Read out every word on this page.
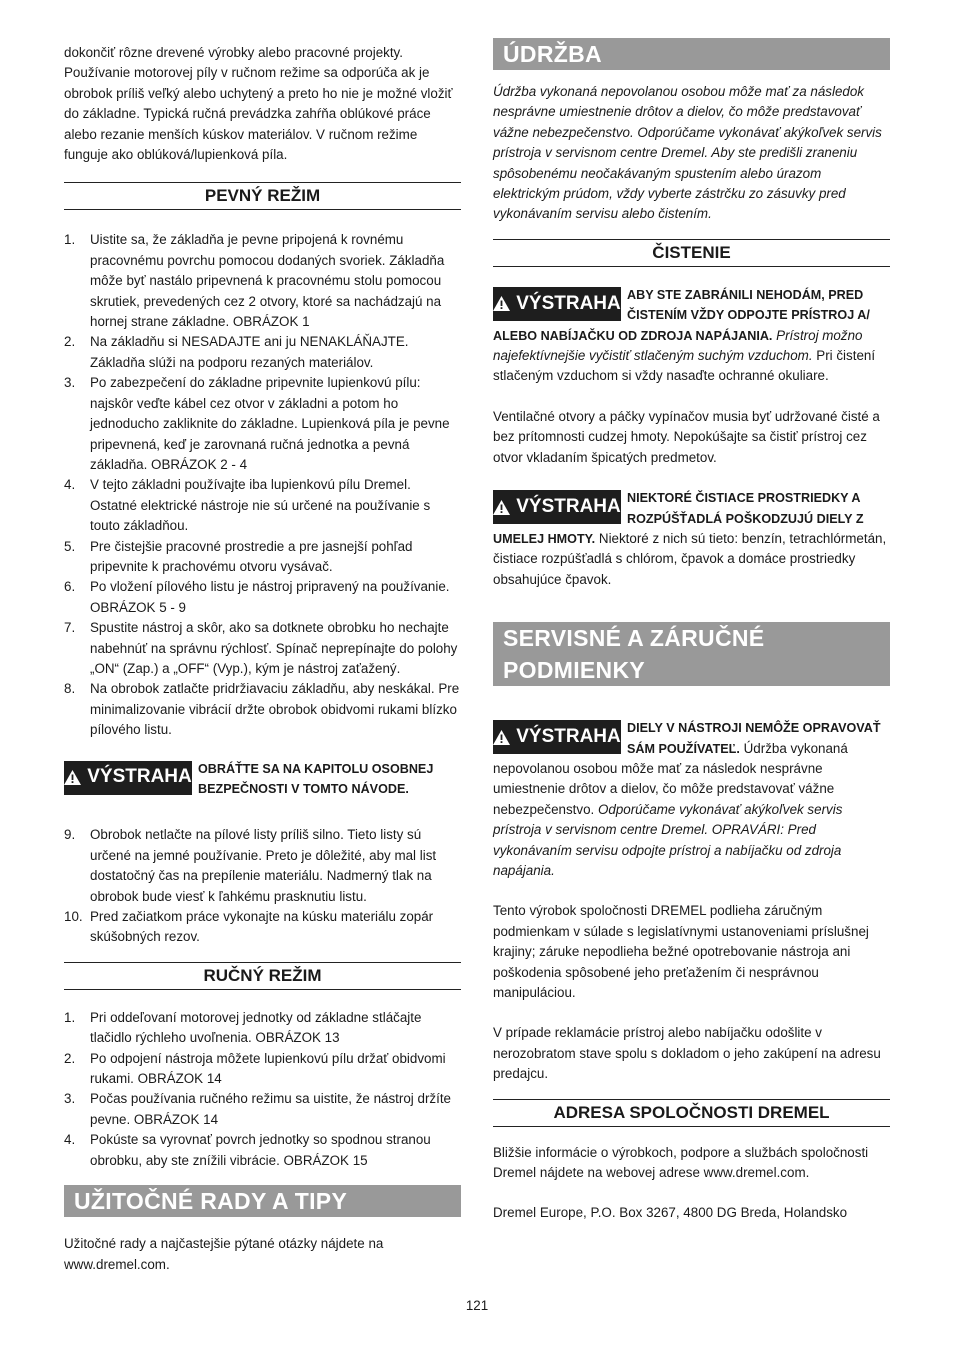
dokončiť rôzne drevené výrobky alebo pracovné projekty. Používanie motorovej píly v ručnom režime sa odporúča ak je obrobok príliš veľký alebo uchytený a preto ho nie je možné vložiť do základne. Typická ručná prevádzka zahŕňa oblúkové práce alebo rezanie menších kúskov materiálov. V ručnom režime funguje ako oblúková/lupienková píla.

PEVNÝ REŽIM
1. Uistite sa, že základňa je pevne pripojená k rovnému pracovnému povrchu pomocou dodaných svoriek. Základňa môže byť nastálo pripevnená k pracovnému stolu pomocou skrutiek, prevedených cez 2 otvory, ktoré sa nachádzajú na hornej strane základne. OBRÁZOK 1
2. Na základňu si NESADAJTE ani ju NENAKLÁŇAJTE. Základňa slúži na podporu rezaných materiálov.
3. Po zabezpečení do základne pripevnite lupienkovú pílu: najskôr veďte kábel cez otvor v základni a potom ho jednoducho zakliknite do základne. Lupienková píla je pevne pripevnená, keď je zarovnaná ručná jednotka a pevná základňa. OBRÁZOK 2 - 4
4. V tejto základni používajte iba lupienkovú pílu Dremel. Ostatné elektrické nástroje nie sú určené na používanie s touto základňou.
5. Pre čistejšie pracovné prostredie a pre jasnejší pohľad pripevnite k prachovému otvoru vysávač.
6. Po vložení pílového listu je nástroj pripravený na používanie. OBRÁZOK 5 - 9
7. Spustite nástroj a skôr, ako sa dotknete obrobku ho nechajte nabehnúť na správnu rýchlosť. Spínač neprepínajte do polohy „ON“ (Zap.) a „OFF“ (Vyp.), kým je nástroj zaťažený.
8. Na obrobok zatlačte pridržiavaciu základňu, aby neskákal. Pre minimalizovanie vibrácií držte obrobok obidvomi rukami blízko pílového listu.
VÝSTRAHA OBRÁŤTE SA NA KAPITOLU OSOBNEJ BEZPEČNOSTI V TOMTO NÁVODE.
9. Obrobok netlačte na pílové listy príliš silno. Tieto listy sú určené na jemné používanie. Preto je dôležité, aby mal list dostatočný čas na prepílenie materiálu. Nadmerný tlak na obrobok bude viesť k ľahkému prasknutiu listu.
10. Pred začiatkom práce vykonajte na kúsku materiálu zopár skúšobných rezov.
RUČNÝ REŽIM
1. Pri oddeľovaní motorovej jednotky od základne stláčajte tlačidlo rýchleho uvoľnenia. OBRÁZOK 13
2. Po odpojení nástroja môžete lupienkovú pílu držať obidvomi rukami. OBRÁZOK 14
3. Počas používania ručného režimu sa uistite, že nástroj držíte pevne. OBRÁZOK 14
4. Pokúste sa vyrovnať povrch jednotky so spodnou stranou obrobku, aby ste znížili vibrácie. OBRÁZOK 15
UŽITOČNÉ RADY A TIPY

Užitočné rady a najčastejšie pýtané otázky nájdete na www.dremel.com.

ÚDRŽBA

Údržba vykonaná nepovolanou osobou môže mať za následok nesprávne umiestnenie drôtov a dielov, čo môže predstavovať vážne nebezpečenstvo. Odporúčame vykonávať akýkoľvek servis prístroja v servisnom centre Dremel. Aby ste predišli zraneniu spôsobenému neočakávaným spustením alebo úrazom elektrickým prúdom, vždy vyberte zástrčku zo zásuvky pred vykonávaním servisu alebo čistením.

ČISTENIE
VÝSTRAHA ABY STE ZABRÁNILI NEHODÁM, PRED ČISTENÍM VŽDY ODPOJTE PRÍSTROJ A/ ALEBO NABÍJAČKU OD ZDROJA NAPÁJANIA. Prístroj možno najefektívnejšie vyčistiť stlačeným suchým vzduchom. Pri čistení stlačeným vzduchom si vždy nasaďte ochranné okuliare.

Ventilačné otvory a páčky vypínačov musia byť udržované čisté a bez prítomnosti cudzej hmoty. Nepokúšajte sa čistiť prístroj cez otvor vkladaním špicatých predmetov.

VÝSTRAHA NIEKTORÉ ČISTIACE PROSTRIEDKY A ROZPÚŠŤADLÁ POŠKODZUJÚ DIELY Z UMELEJ HMOTY. Niektoré z nich sú tieto: benzín, tetrachlórmetán, čistiace rozpúšťadlá s chlórom, čpavok a domáce prostriedky obsahujúce čpavok.
SERVISNÉ A ZÁRUČNÉ PODMIENKY
VÝSTRAHA DIELY V NÁSTROJI NEMÔŽE OPRAVOVAŤ SÁM POUŽÍVATEĽ. Údržba vykonaná nepovolanou osobou môže mať za následok nesprávne umiestnenie drôtov a dielov, čo môže predstavovať vážne nebezpečenstvo. Odporúčame vykonávať akýkoľvek servis prístroja v servisnom centre Dremel. OPRAVÁRI: Pred vykonávaním servisu odpojte prístroj a nabíjačku od zdroja napájania.

Tento výrobok spoločnosti DREMEL podlieha záručným podmienkam v súlade s legislatívnymi ustanoveniami príslušnej krajiny; záruke nepodlieha bežné opotrebovanie nástroja ani poškodenia spôsobené jeho preťažením či nesprávnou manipuláciou.

V prípade reklamácie prístroj alebo nabíjačku odošlite v nerozobratom stave spolu s dokladom o jeho zakúpení na adresu predajcu.

ADRESA SPOLOČNOSTI DREMEL

Bližšie informácie o výrobkoch, podpore a službách spoločnosti Dremel nájdete na webovej adrese www.dremel.com.

Dremel Europe, P.O. Box 3267, 4800 DG Breda, Holandsko

121
